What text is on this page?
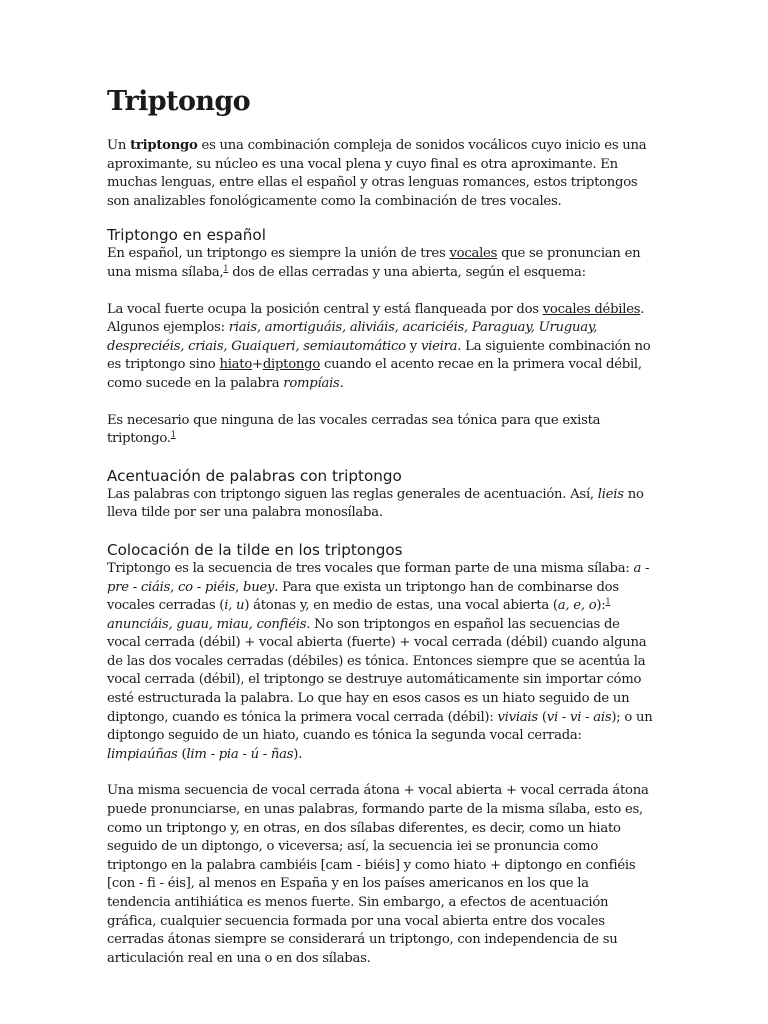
Triptongo

Un triptongo es una combinación compleja de sonidos vocálicos cuyo inicio es una aproximante, su núcleo es una vocal plena y cuyo final es otra aproximante. En muchas lenguas, entre ellas el español y otras lenguas romances, estos triptongos son analizables fonológicamente como la combinación de tres vocales.

Triptongo en español

En español, un triptongo es siempre la unión de tres vocales que se pronuncian en una misma sílaba,$^1$ dos de ellas cerradas y una abierta, según el esquema:

La vocal fuerte ocupa la posición central y está flanqueada por dos vocales débiles. Algunos ejemplos: riais, amortiguáis, aliviáis, acariciéis, Paraguay, Uruguay, despreciéis, criais, Guaiqueri, semiautomático y vieira. La siguiente combinación no es triptongo sino hiato+diptongo cuando el acento recae en la primera vocal débil, como sucede en la palabra rompíais.

Es necesario que ninguna de las vocales cerradas sea tónica para que exista triptongo.$^1$

Acentuación de palabras con triptongo

Las palabras con triptongo siguen las reglas generales de acentuación. Así, lieis no lleva tilde por ser una palabra monosílaba.

Colocación de la tilde en los triptongos

Triptongo es la secuencia de tres vocales que forman parte de una misma sílaba: a - pre - ciáis, co - piéis, buey. Para que exista un triptongo han de combinarse dos vocales cerradas (i, u) átonas y, en medio de estas, una vocal abierta (a, e, o):$^1$ anunciáis, guau, miau, confiéis. No son triptongos en español las secuencias de vocal cerrada (débil) + vocal abierta (fuerte) + vocal cerrada (débil) cuando alguna de las dos vocales cerradas (débiles) es tónica. Entonces siempre que se acentúa la vocal cerrada (débil), el triptongo se destruye automáticamente sin importar cómo esté estructurada la palabra. Lo que hay en esos casos es un hiato seguido de un diptongo, cuando es tónica la primera vocal cerrada (débil): viviais (vi - vi - ais); o un diptongo seguido de un hiato, cuando es tónica la segunda vocal cerrada: limpiaúñas (lim - pia - ú - ñas).

Una misma secuencia de vocal cerrada átona + vocal abierta + vocal cerrada átona puede pronunciarse, en unas palabras, formando parte de la misma sílaba, esto es, como un triptongo y, en otras, en dos sílabas diferentes, es decir, como un hiato seguido de un diptongo, o viceversa; así, la secuencia iei se pronuncia como triptongo en la palabra cambiéis [cam - biéis] y como hiato + diptongo en confiéis [con - fi - éis], al menos en España y en los países americanos en los que la tendencia antihiática es menos fuerte. Sin embargo, a efectos de acentuación gráfica, cualquier secuencia formada por una vocal abierta entre dos vocales cerradas átonas siempre se considerará un triptongo, con independencia de su articulación real en una o en dos sílabas.
